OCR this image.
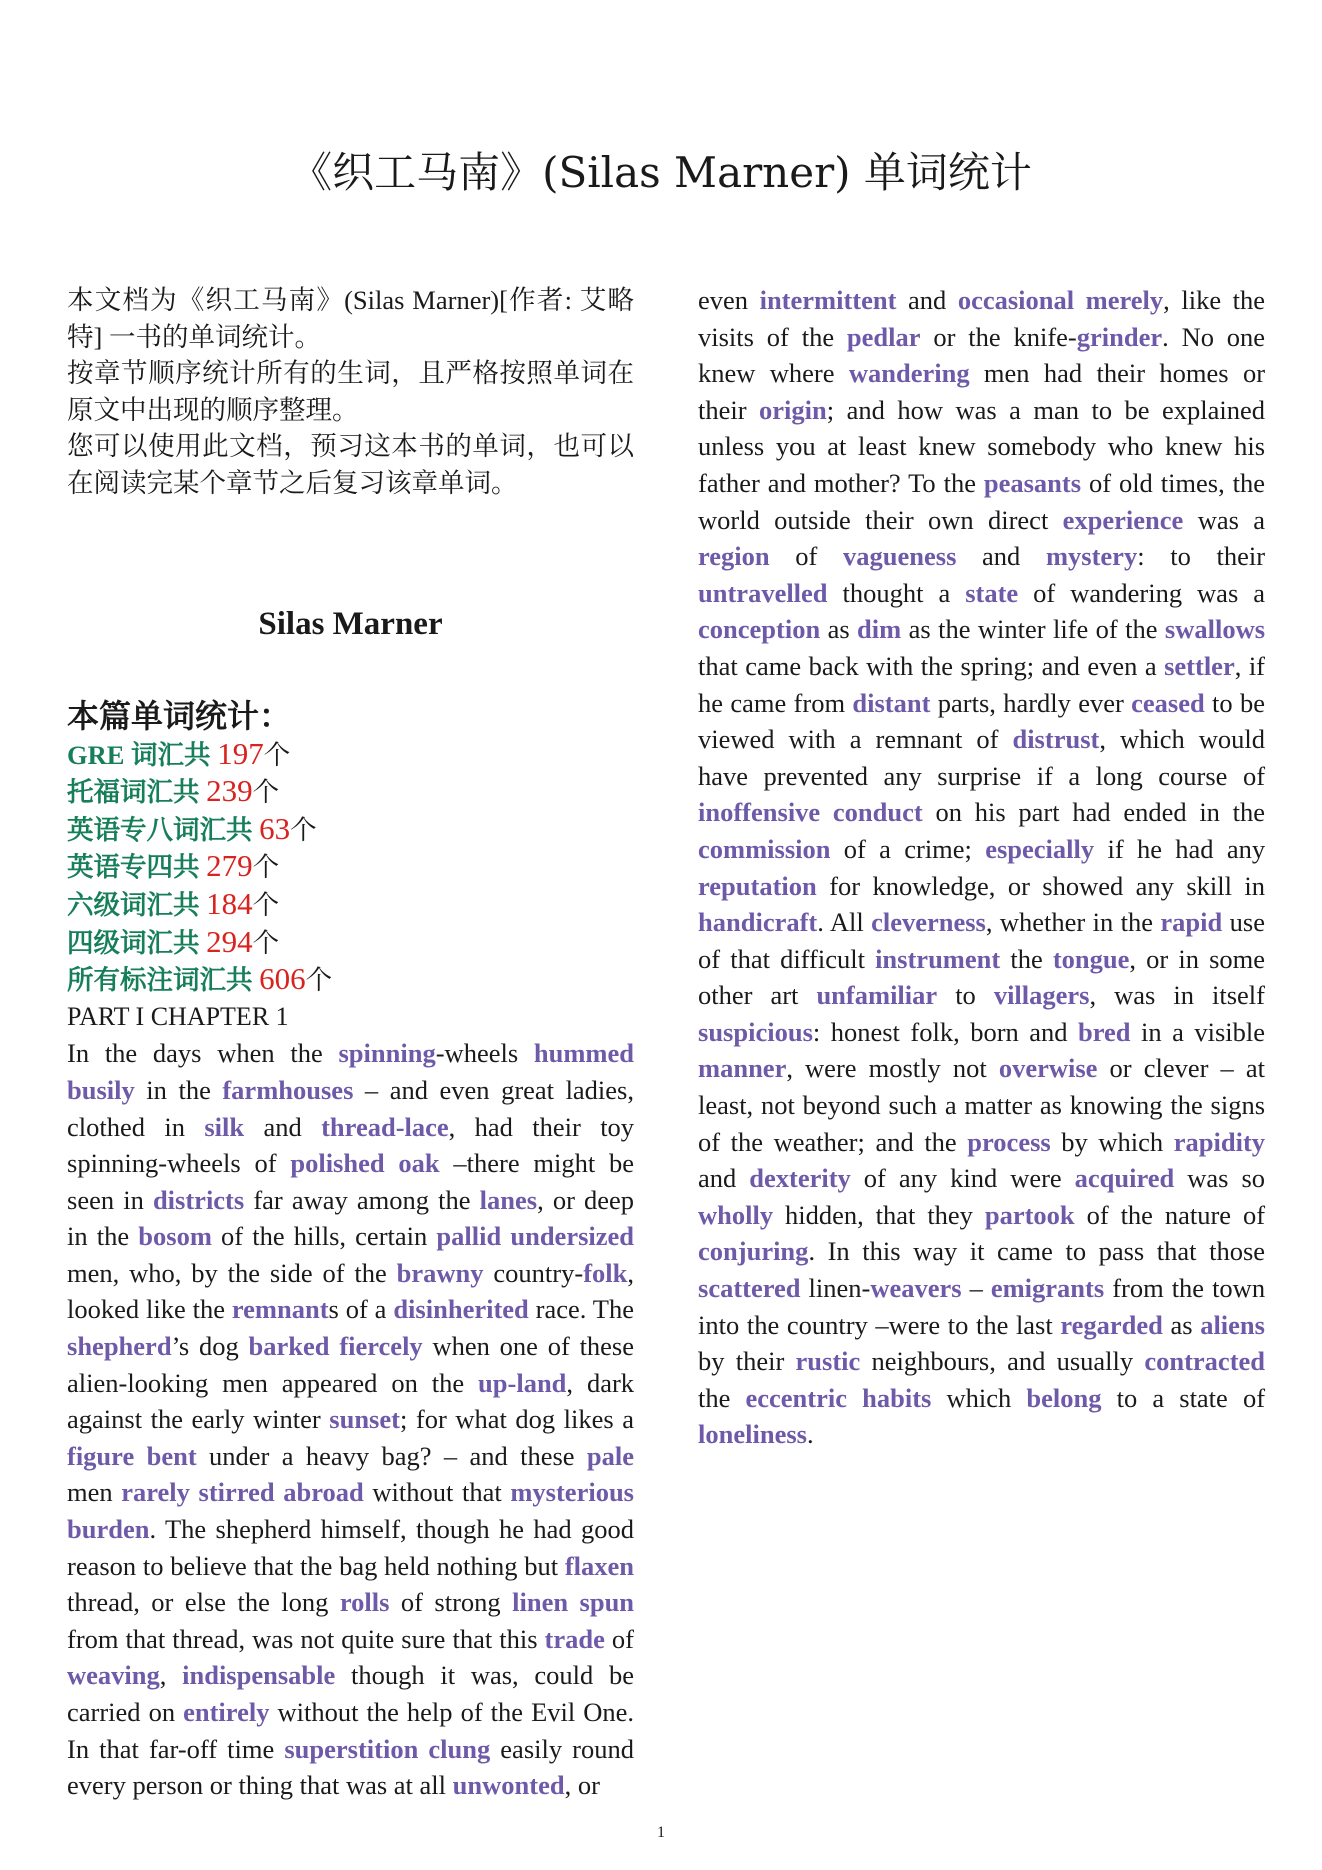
《织工马南》(Silas Marner) 单词统计

本文档为《织工马南》(Silas Marner)[作者: 艾略特] 一书的单词统计。

按章节顺序统计所有的生词，且严格按照单词在原文中出现的顺序整理。

您可以使用此文档，预习这本书的单词，也可以在阅读完某个章节之后复习该章单词。

Silas Marner
本篇单词统计：
GRE 词汇共 197个
托福词汇共 239个
英语专八词汇共 63个
英语专四共 279个
六级词汇共 184个
四级词汇共 294个
所有标注词汇共 606个

PART I CHAPTER 1

In the days when the spinning-wheels hummed busily in the farmhouses – and even great ladies, clothed in silk and thread-lace, had their toy spinning-wheels of polished oak –there might be seen in districts far away among the lanes, or deep in the bosom of the hills, certain pallid undersized men, who, by the side of the brawny country-folk, looked like the remnants of a disinherited race. The shepherd’s dog barked fiercely when one of these alien-looking men appeared on the up-land, dark against the early winter sunset; for what dog likes a figure bent under a heavy bag? – and these pale men rarely stirred abroad without that mysterious burden. The shepherd himself, though he had good reason to believe that the bag held nothing but flaxen thread, or else the long rolls of strong linen spun from that thread, was not quite sure that this trade of weaving, indispensable though it was, could be carried on entirely without the help of the Evil One. In that far-off time superstition clung easily round every person or thing that was at all unwonted, or

even intermittent and occasional merely, like the visits of the pedlar or the knife-grinder. No one knew where wandering men had their homes or their origin; and how was a man to be explained unless you at least knew somebody who knew his father and mother? To the peasants of old times, the world outside their own direct experience was a region of vagueness and mystery: to their untravelled thought a state of wandering was a conception as dim as the winter life of the swallows that came back with the spring; and even a settler, if he came from distant parts, hardly ever ceased to be viewed with a remnant of distrust, which would have prevented any surprise if a long course of inoffensive conduct on his part had ended in the commission of a crime; especially if he had any reputation for knowledge, or showed any skill in handicraft. All cleverness, whether in the rapid use of that difficult instrument the tongue, or in some other art unfamiliar to villagers, was in itself suspicious: honest folk, born and bred in a visible manner, were mostly not overwise or clever – at least, not beyond such a matter as knowing the signs of the weather; and the process by which rapidity and dexterity of any kind were acquired was so wholly hidden, that they partook of the nature of conjuring. In this way it came to pass that those scattered linen-weavers – emigrants from the town into the country –were to the last regarded as aliens by their rustic neighbours, and usually contracted the eccentric habits which belong to a state of loneliness.

1
